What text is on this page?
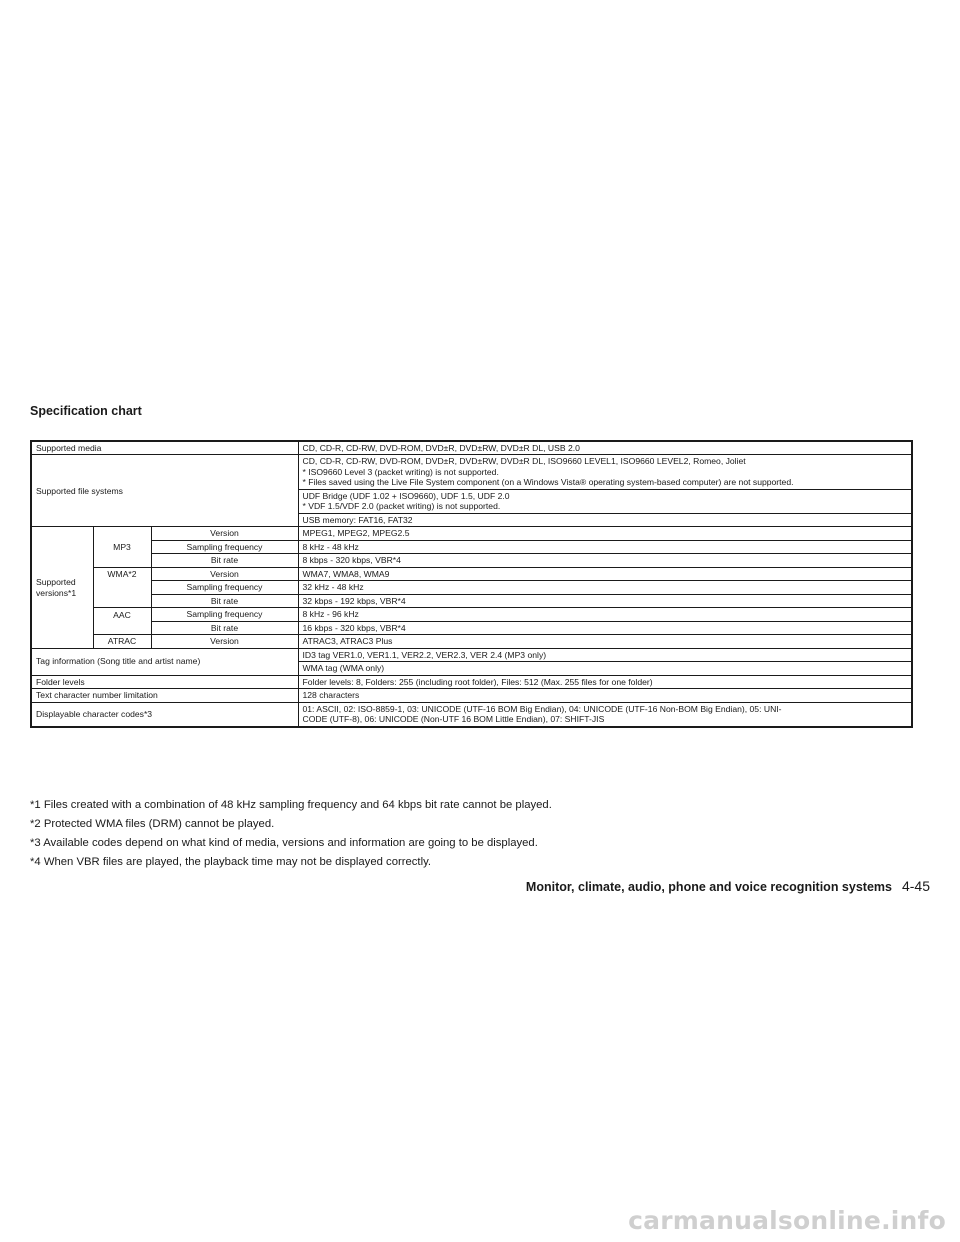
Specification chart
Supported media			CD, CD-R, CD-RW, DVD-ROM, DVD±R, DVD±RW, DVD±R DL, USB 2.0
Supported file systems			CD, CD-R, CD-RW, DVD-ROM, DVD±R, DVD±RW, DVD±R DL, ISO9660 LEVEL1, ISO9660 LEVEL2, Romeo, Joliet
* ISO9660 Level 3 (packet writing) is not supported.
* Files saved using the Live File System component (on a Windows Vista® operating system-based computer) are not supported.

			UDF Bridge (UDF 1.02 + ISO9660), UDF 1.5, UDF 2.0
* VDF 1.5/VDF 2.0 (packet writing) is not supported.

			USB memory: FAT16, FAT32

Supported
versions*1	MP3	Version	MPEG1, MPEG2, MPEG2.5
		Sampling frequency	8 kHz - 48 kHz
		Bit rate	8 kbps - 320 kbps, VBR*4
	WMA*2	Version	WMA7, WMA8, WMA9
		Sampling frequency	32 kHz - 48 kHz
		Bit rate	32 kbps - 192 kbps, VBR*4
	AAC	Sampling frequency	8 kHz - 96 kHz
		Bit rate	16 kbps - 320 kbps, VBR*4
	ATRAC	Version	ATRAC3, ATRAC3 Plus
Tag information (Song title and artist name)			ID3 tag VER1.0, VER1.1, VER2.2, VER2.3, VER 2.4 (MP3 only)
			WMA tag (WMA only)
Folder levels			Folder levels: 8, Folders: 255 (including root folder), Files: 512 (Max. 255 files for one folder)
Text character number limitation			128 characters
Displayable character codes*3			01: ASCII, 02: ISO-8859-1, 03: UNICODE (UTF-16 BOM Big Endian), 04: UNICODE (UTF-16 Non-BOM Big Endian), 05: UNI-
CODE (UTF-8), 06: UNICODE (Non-UTF 16 BOM Little Endian), 07: SHIFT-JIS

*1 Files created with a combination of 48 kHz sampling frequency and 64 kbps bit rate cannot be played.

*2 Protected WMA files (DRM) cannot be played.

*3 Available codes depend on what kind of media, versions and information are going to be displayed.

*4 When VBR files are played, the playback time may not be displayed correctly.

Monitor, climate, audio, phone and voice recognition systems 4-45
carmanualsonline.info
